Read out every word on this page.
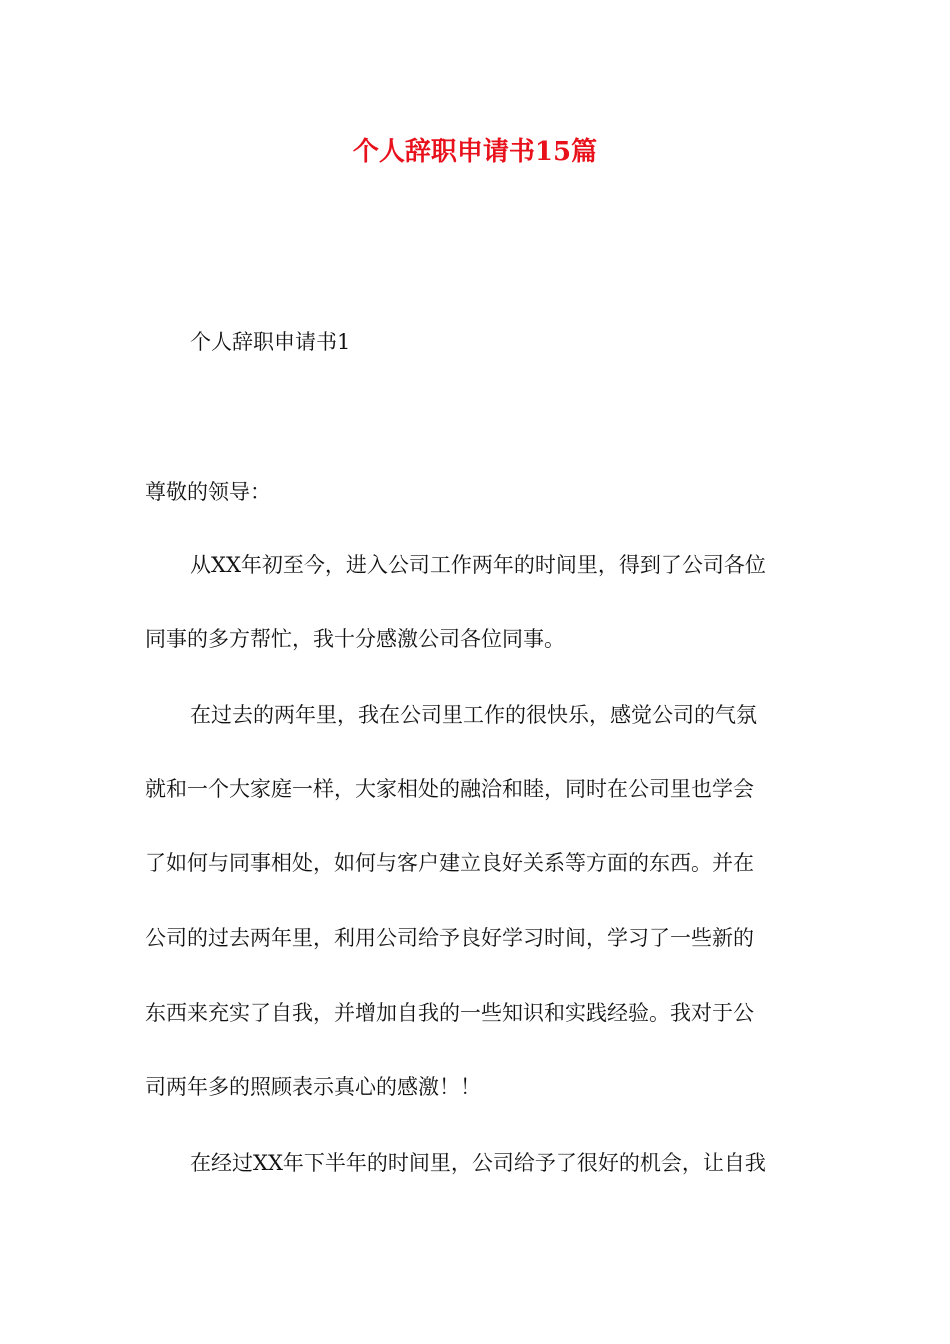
个人辞职申请书15篇
个人辞职申请书1
尊敬的领导：
从XX年初至今，进入公司工作两年的时间里，得到了公司各位
同事的多方帮忙，我十分感激公司各位同事。
在过去的两年里，我在公司里工作的很快乐，感觉公司的气氛
就和一个大家庭一样，大家相处的融洽和睦，同时在公司里也学会
了如何与同事相处，如何与客户建立良好关系等方面的东西。并在
公司的过去两年里，利用公司给予良好学习时间，学习了一些新的
东西来充实了自我，并增加自我的一些知识和实践经验。我对于公
司两年多的照顾表示真心的感激！！
在经过XX年下半年的时间里，公司给予了很好的机会，让自我
